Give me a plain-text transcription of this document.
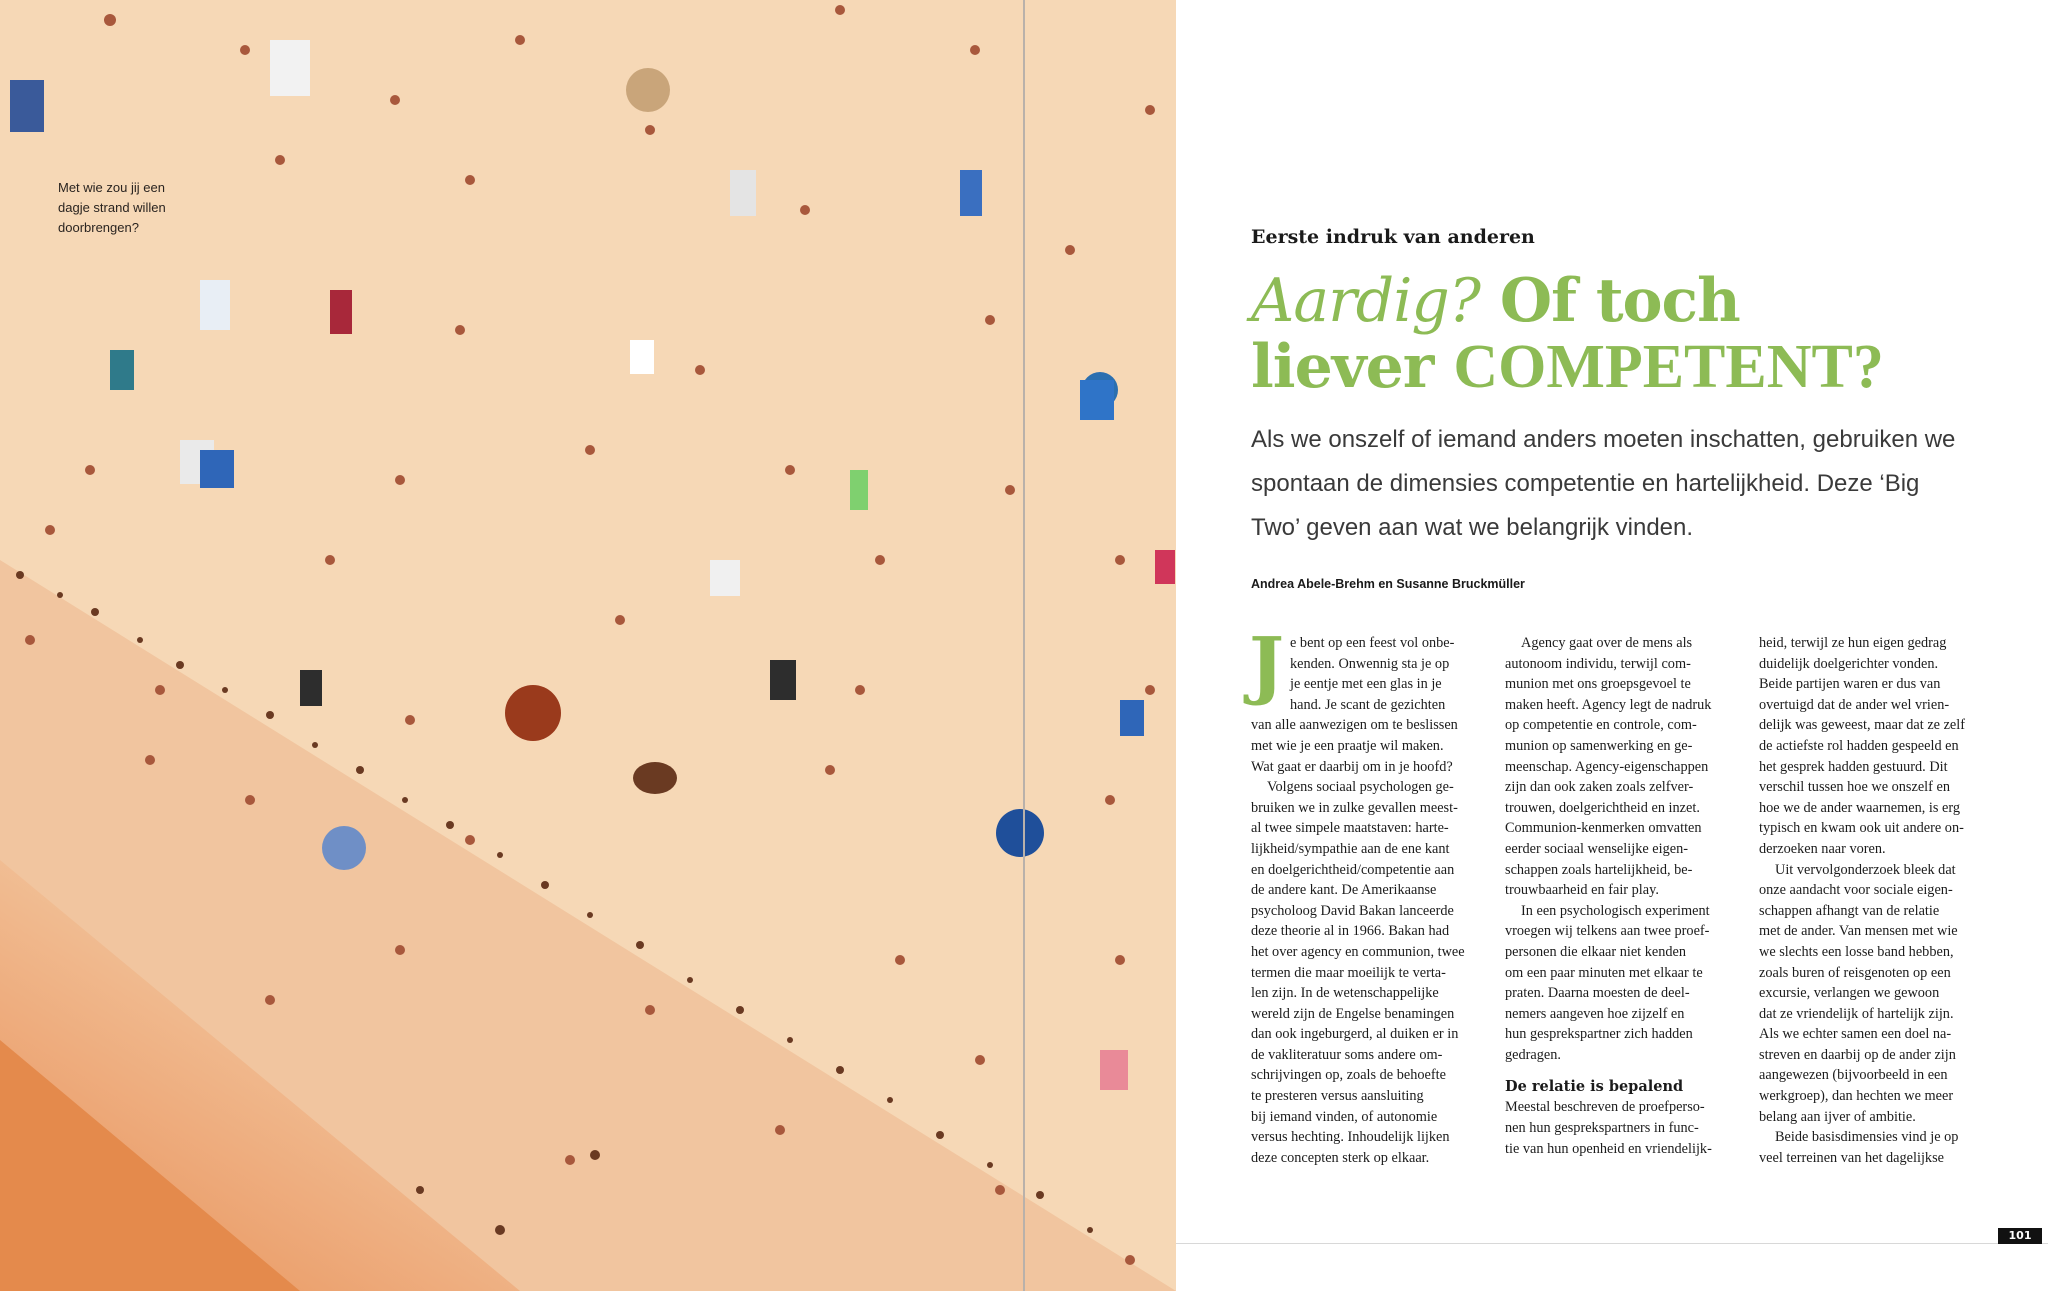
Met wie zou jij een
dagje strand willen
doorbrengen?	Eerste indruk van anderen
Aardig? Of toch
liever COMPETENT?
Als we onszelf of iemand anders moeten inschatten, gebruiken we spontaan de dimensies competentie en hartelijkheid. Deze ‘Big Two’ geven aan wat we belangrijk vinden.
Andrea Abele-Brehm en Susanne Bruckmüller

Je bent op een feest vol onbe-
kenden. Onwennig sta je op
je eentje met een glas in je
hand. Je scant de gezichten
van alle aanwezigen om te beslissen
met wie je een praatje wil maken.
Wat gaat er daarbij om in je hoofd?

Volgens sociaal psychologen ge-
bruiken we in zulke gevallen meest-
al twee simpele maatstaven: harte-
lijkheid/sympathie aan de ene kant
en doelgerichtheid/competentie aan
de andere kant. De Amerikaanse
psycholoog David Bakan lanceerde
deze theorie al in 1966. Bakan had
het over agency en communion, twee
termen die maar moeilijk te verta-
len zijn. In de wetenschappelijke
wereld zijn de Engelse benamingen
dan ook ingeburgerd, al duiken er in
de vakliteratuur soms andere om-
schrijvingen op, zoals de behoefte
te presteren versus aansluiting
bij iemand vinden, of autonomie
versus hechting. Inhoudelijk lijken
deze concepten sterk op elkaar.

Agency gaat over de mens als
autonoom individu, terwijl com-
munion met ons groepsgevoel te
maken heeft. Agency legt de nadruk
op competentie en controle, com-
munion op samenwerking en ge-
meenschap. Agency-eigenschappen
zijn dan ook zaken zoals zelfver-
trouwen, doelgerichtheid en inzet.
Communion-kenmerken omvatten
eerder sociaal wenselijke eigen-
schappen zoals hartelijkheid, be-
trouwbaarheid en fair play.

In een psychologisch experiment
vroegen wij telkens aan twee proef-
personen die elkaar niet kenden
om een paar minuten met elkaar te
praten. Daarna moesten de deel-
nemers aangeven hoe zijzelf en
hun gesprekspartner zich hadden
gedragen.

De relatie is bepalend

Meestal beschreven de proefperso-
nen hun gesprekspartners in func-
tie van hun openheid en vriendelijk-

heid, terwijl ze hun eigen gedrag
duidelijk doelgerichter vonden.
Beide partijen waren er dus van
overtuigd dat de ander wel vrien-
delijk was geweest, maar dat ze zelf
de actiefste rol hadden gespeeld en
het gesprek hadden gestuurd. Dit
verschil tussen hoe we onszelf en
hoe we de ander waarnemen, is erg
typisch en kwam ook uit andere on-
derzoeken naar voren.

Uit vervolgonderzoek bleek dat
onze aandacht voor sociale eigen-
schappen afhangt van de relatie
met de ander. Van mensen met wie
we slechts een losse band hebben,
zoals buren of reisgenoten op een
excursie, verlangen we gewoon
dat ze vriendelijk of hartelijk zijn.
Als we echter samen een doel na-
streven en daarbij op de ander zijn
aangewezen (bijvoorbeeld in een
werkgroep), dan hechten we meer
belang aan ijver of ambitie.

Beide basisdimensies vind je op
veel terreinen van het dagelijkse

101
